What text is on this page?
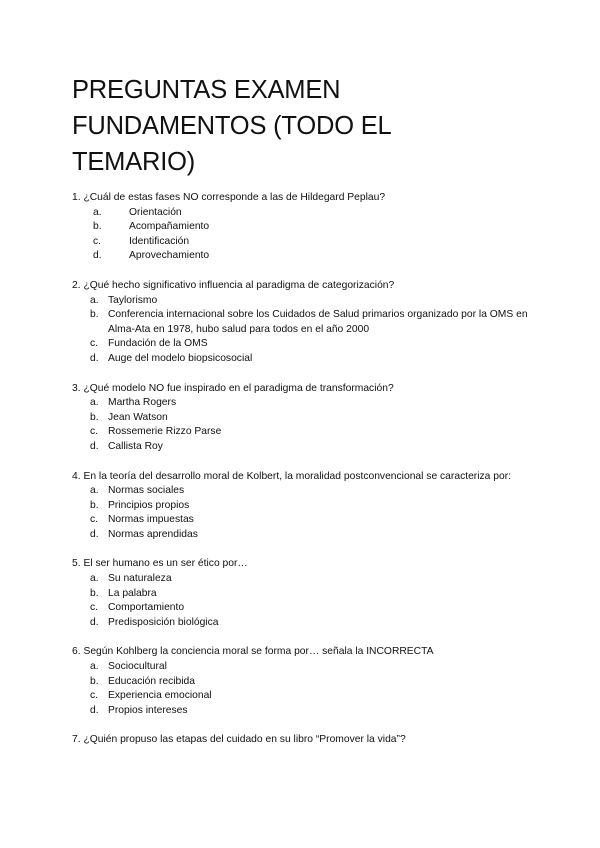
PREGUNTAS EXAMEN
FUNDAMENTOS (TODO EL
TEMARIO)

1. ¿Cuál de estas fases NO corresponde a las de Hildegard Peplau?

a.	Orientación
b.	Acompañamiento
c.	Identificación
d.	Aprovechamiento

2. ¿Qué hecho significativo influencia al paradigma de categorización?

a. Taylorismo
b. Conferencia internacional sobre los Cuidados de Salud primarios organizado por la OMS en Alma-Ata en 1978, hubo salud para todos en el año 2000
c. Fundación de la OMS
d. Auge del modelo biopsicosocial

3. ¿Qué modelo NO fue inspirado en el paradigma de transformación?

a. Martha Rogers
b. Jean Watson
c. Rossemerie Rizzo Parse
d. Callista Roy

4. En la teoría del desarrollo moral de Kolbert, la moralidad postconvencional se caracteriza por:

a. Normas sociales
b. Principios propios
c. Normas impuestas
d. Normas aprendidas

5. El ser humano es un ser ético por…

a. Su naturaleza
b. La palabra
c. Comportamiento
d. Predisposición biológica

6. Según Kohlberg la conciencia moral se forma por… señala la INCORRECTA

a. Sociocultural
b. Educación recibida
c. Experiencia emocional
d. Propios intereses

7. ¿Quién propuso las etapas del cuidado en su libro “Promover la vida”?
